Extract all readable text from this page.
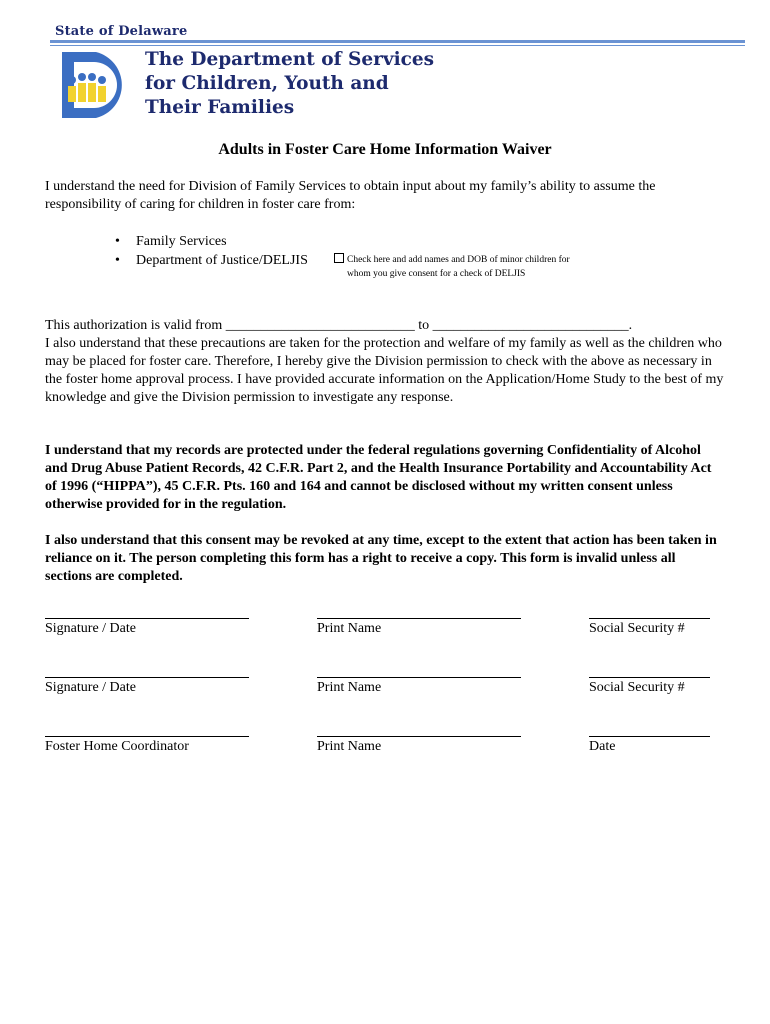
State of Delaware
The Department of Services
for Children, Youth and
Their Families
Adults in Foster Care Home Information Waiver

I understand the need for Division of Family Services to obtain input about my family’s ability to assume the responsibility of caring for children in foster care from:

• Family Services
• Department of Justice/DELJIS	Check here and add names and DOB of minor children for
whom you give consent for a check of DELJIS

This authorization is valid from ___________________________ to ____________________________.

I also understand that these precautions are taken for the protection and welfare of my family as well as the children who may be placed for foster care. Therefore, I hereby give the Division permission to check with the above as necessary in the foster home approval process. I have provided accurate information on the Application/Home Study to the best of my knowledge and give the Division permission to investigate any response.

I understand that my records are protected under the federal regulations governing Confidentiality of Alcohol and Drug Abuse Patient Records, 42 C.F.R. Part 2, and the Health Insurance Portability and Accountability Act of 1996 (“HIPPA”), 45 C.F.R. Pts. 160 and 164 and cannot be disclosed without my written consent unless otherwise provided for in the regulation.

I also understand that this consent may be revoked at any time, except to the extent that action has been taken in reliance on it. The person completing this form has a right to receive a copy. This form is invalid unless all sections are completed.

Signature / Date	Print Name	Social Security #
Signature / Date	Print Name	Social Security #
Foster Home Coordinator	Print Name	Date
